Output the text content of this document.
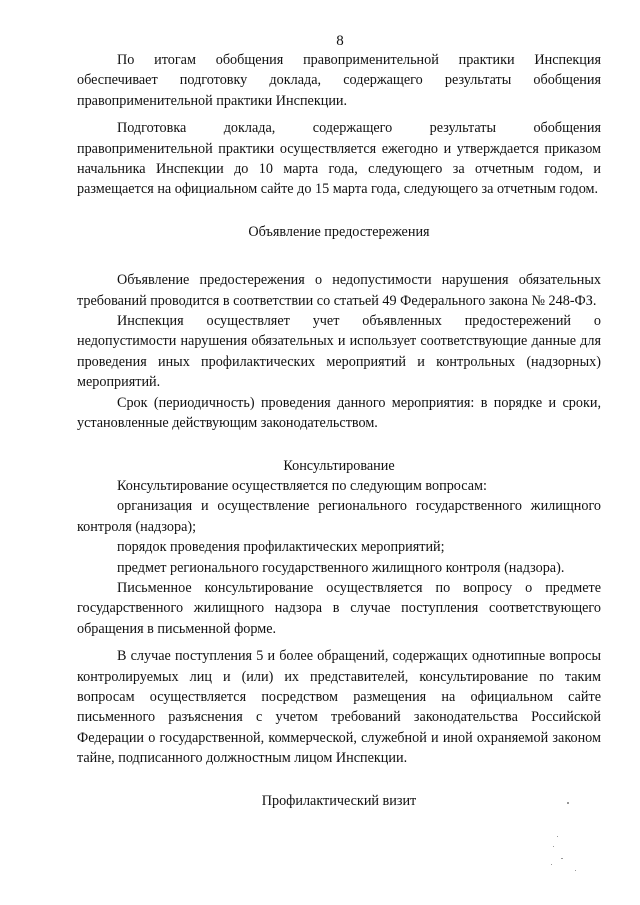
8

По итогам обобщения правоприменительной практики Инспекция обеспечивает подготовку доклада, содержащего результаты обобщения правоприменительной практики Инспекции.

Подготовка доклада, содержащего результаты обобщения правоприменительной практики осуществляется ежегодно и утверждается приказом начальника Инспекции до 10 марта года, следующего за отчетным годом, и размещается на официальном сайте до 15 марта года, следующего за отчетным годом.

Объявление предостережения

Объявление предостережения о недопустимости нарушения обязательных требований проводится в соответствии со статьей 49 Федерального закона № 248-ФЗ.

Инспекция осуществляет учет объявленных предостережений о недопустимости нарушения обязательных и использует соответствующие данные для проведения иных профилактических мероприятий и контрольных (надзорных) мероприятий.

Срок (периодичность) проведения данного мероприятия: в порядке и сроки, установленные действующим законодательством.

Консультирование

Консультирование осуществляется по следующим вопросам:

организация и осуществление регионального государственного жилищного контроля (надзора);

порядок проведения профилактических мероприятий;

предмет регионального государственного жилищного контроля (надзора).

Письменное консультирование осуществляется по вопросу о предмете государственного жилищного надзора в случае поступления соответствующего обращения в письменной форме.

В случае поступления 5 и более обращений, содержащих однотипные вопросы контролируемых лиц и (или) их представителей, консультирование по таким вопросам осуществляется посредством размещения на официальном сайте письменного разъяснения с учетом требований законодательства Российской Федерации о государственной, коммерческой, служебной и иной охраняемой законом тайне, подписанного должностным лицом Инспекции.

Профилактический визит
